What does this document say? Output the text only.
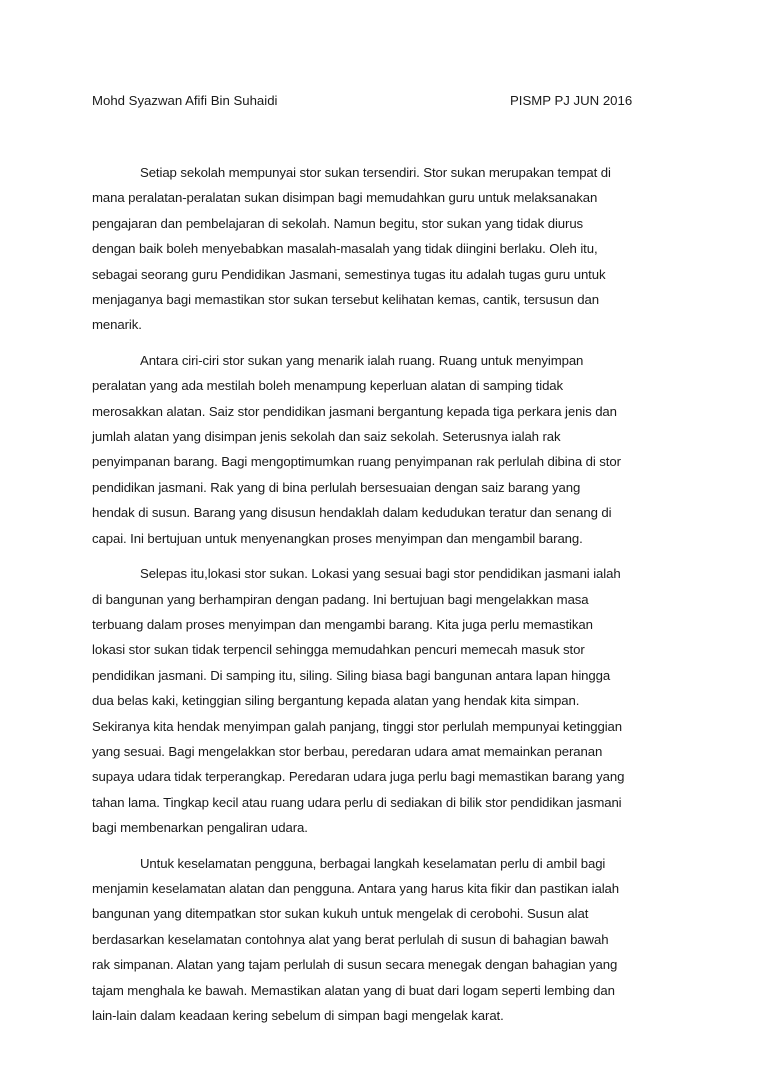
Mohd Syazwan Afifi Bin Suhaidi	PISMP PJ JUN 2016
Setiap sekolah mempunyai stor sukan tersendiri. Stor sukan merupakan tempat di
mana peralatan-peralatan sukan disimpan bagi memudahkan guru untuk melaksanakan
pengajaran dan pembelajaran di sekolah. Namun begitu, stor sukan yang tidak diurus
dengan baik boleh menyebabkan masalah-masalah yang tidak diingini berlaku. Oleh itu,
sebagai seorang guru Pendidikan Jasmani, semestinya tugas itu adalah tugas guru untuk
menjaganya bagi memastikan stor sukan tersebut kelihatan kemas, cantik, tersusun dan
menarik.
Antara ciri-ciri stor sukan yang menarik ialah ruang. Ruang untuk menyimpan
peralatan yang ada mestilah boleh menampung keperluan alatan di samping tidak
merosakkan alatan. Saiz stor pendidikan jasmani bergantung kepada tiga perkara jenis dan
jumlah alatan yang disimpan jenis sekolah dan saiz sekolah. Seterusnya ialah rak
penyimpanan barang. Bagi mengoptimumkan ruang penyimpanan rak perlulah dibina di stor
pendidikan jasmani. Rak yang di bina perlulah bersesuaian dengan saiz barang yang
hendak di susun. Barang yang disusun hendaklah dalam kedudukan teratur dan senang di
capai. Ini bertujuan untuk menyenangkan proses menyimpan dan mengambil barang.
Selepas itu,lokasi stor sukan. Lokasi yang sesuai bagi stor pendidikan jasmani ialah
di bangunan yang berhampiran dengan padang. Ini bertujuan bagi mengelakkan masa
terbuang dalam proses menyimpan dan mengambi barang. Kita juga perlu memastikan
lokasi stor sukan tidak terpencil sehingga memudahkan pencuri memecah masuk stor
pendidikan jasmani. Di samping itu, siling. Siling biasa bagi bangunan antara lapan hingga
dua belas kaki, ketinggian siling bergantung kepada alatan yang hendak kita simpan.
Sekiranya kita hendak menyimpan galah panjang, tinggi stor perlulah mempunyai ketinggian
yang sesuai. Bagi mengelakkan stor berbau, peredaran udara amat memainkan peranan
supaya udara tidak terperangkap. Peredaran udara juga perlu bagi memastikan barang yang
tahan lama. Tingkap kecil atau ruang udara perlu di sediakan di bilik stor pendidikan jasmani
bagi membenarkan pengaliran udara.
Untuk keselamatan pengguna, berbagai langkah keselamatan perlu di ambil bagi
menjamin keselamatan alatan dan pengguna. Antara yang harus kita fikir dan pastikan ialah
bangunan yang ditempatkan stor sukan kukuh untuk mengelak di cerobohi. Susun alat
berdasarkan keselamatan contohnya alat yang berat perlulah di susun di bahagian bawah
rak simpanan. Alatan yang tajam perlulah di susun secara menegak dengan bahagian yang
tajam menghala ke bawah. Memastikan alatan yang di buat dari logam seperti lembing dan
lain-lain dalam keadaan kering sebelum di simpan bagi mengelak karat.
